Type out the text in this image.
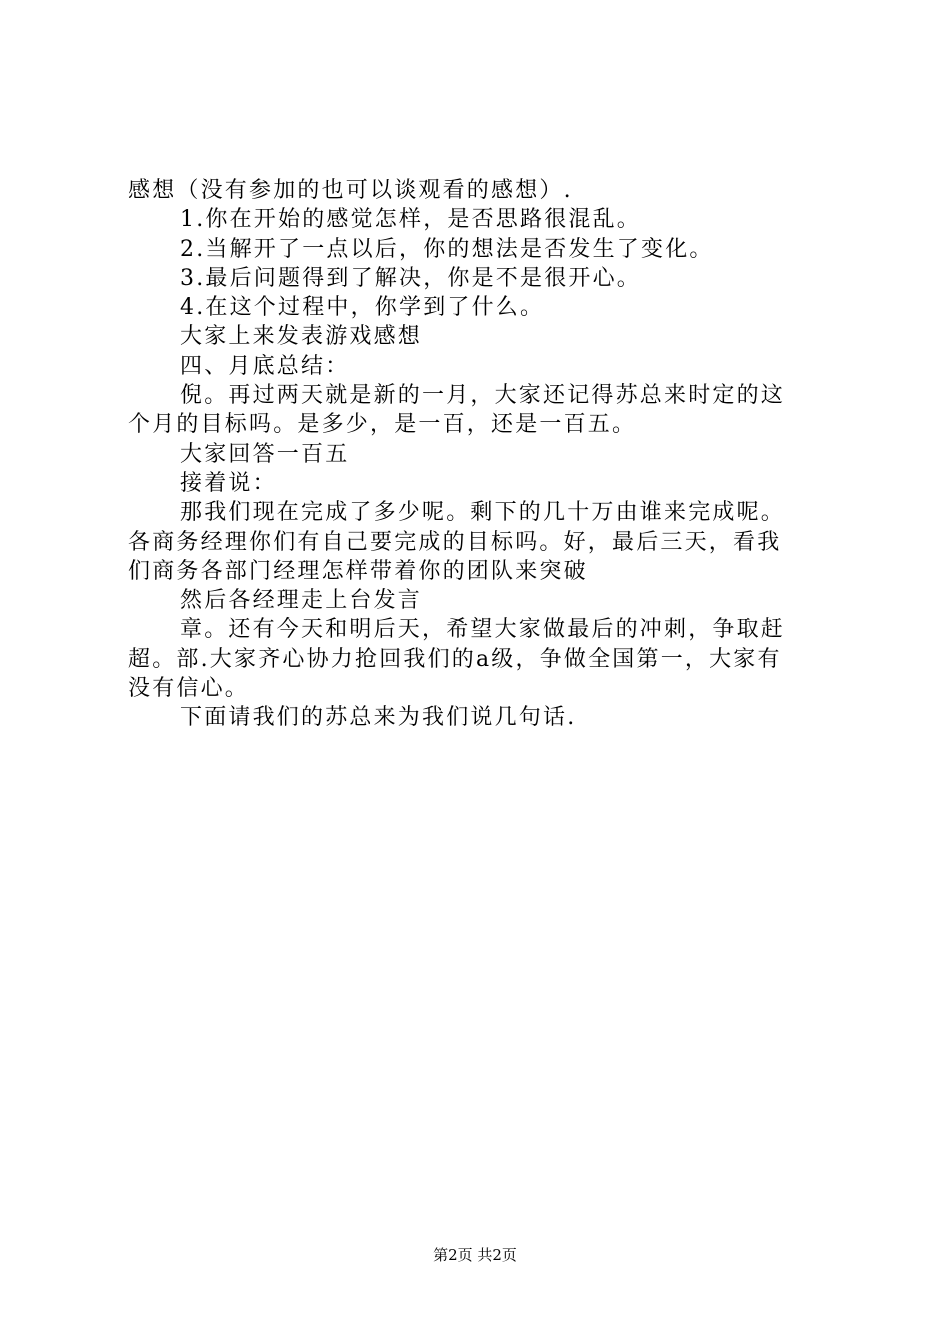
感想（没有参加的也可以谈观看的感想）.

1.你在开始的感觉怎样，是否思路很混乱。

2.当解开了一点以后，你的想法是否发生了变化。

3.最后问题得到了解决，你是不是很开心。

4.在这个过程中，你学到了什么。

大家上来发表游戏感想

四、月底总结：

倪。再过两天就是新的一月，大家还记得苏总来时定的这

个月的目标吗。是多少，是一百，还是一百五。

大家回答一百五

接着说：

那我们现在完成了多少呢。剩下的几十万由谁来完成呢。

各商务经理你们有自己要完成的目标吗。好，最后三天，看我

们商务各部门经理怎样带着你的团队来突破

然后各经理走上台发言

章。还有今天和明后天，希望大家做最后的冲刺，争取赶

超。部.大家齐心协力抢回我们的a级，争做全国第一，大家有

没有信心。

下面请我们的苏总来为我们说几句话.

第2页 共2页
